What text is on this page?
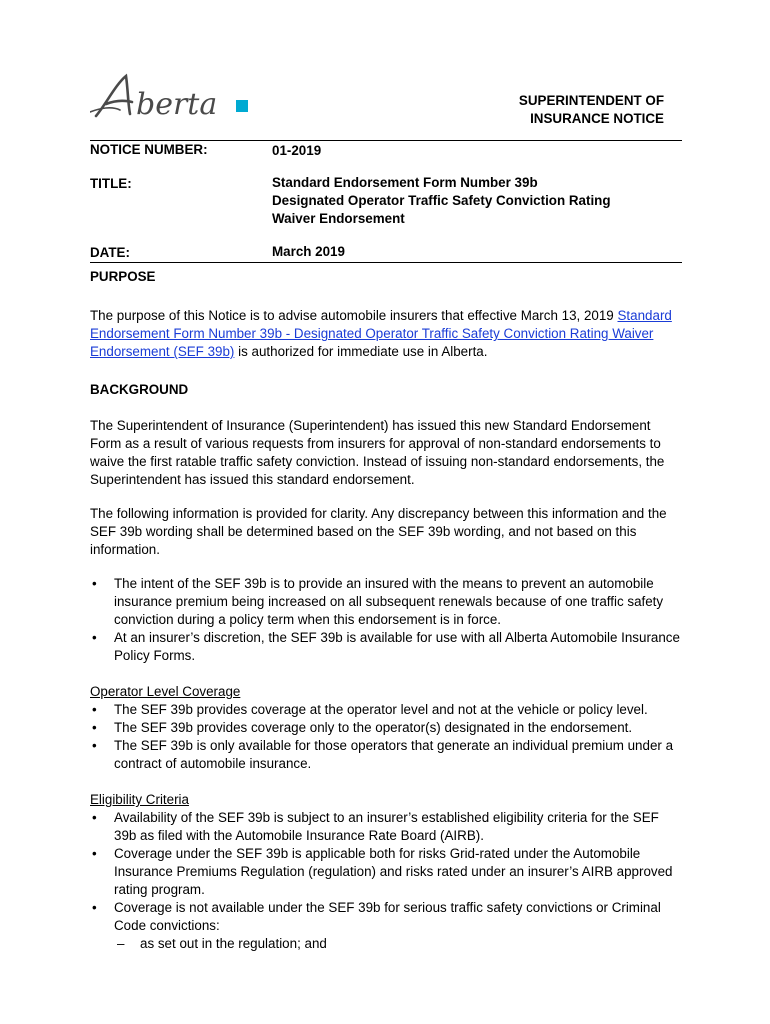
berta	SUPERINTENDENT OF
INSURANCE NOTICE
NOTICE NUMBER:	01-2019
TITLE:	Standard Endorsement Form Number 39b
Designated Operator Traffic Safety Conviction Rating
Waiver Endorsement
DATE:	March 2019
PURPOSE

The purpose of this Notice is to advise automobile insurers that effective March 13, 2019 Standard Endorsement Form Number 39b - Designated Operator Traffic Safety Conviction Rating Waiver Endorsement (SEF 39b) is authorized for immediate use in Alberta.

BACKGROUND

The Superintendent of Insurance (Superintendent) has issued this new Standard Endorsement Form as a result of various requests from insurers for approval of non-standard endorsements to waive the first ratable traffic safety conviction. Instead of issuing non-standard endorsements, the Superintendent has issued this standard endorsement.

The following information is provided for clarity. Any discrepancy between this information and the SEF 39b wording shall be determined based on the SEF 39b wording, and not based on this information.

• The intent of the SEF 39b is to provide an insured with the means to prevent an automobile insurance premium being increased on all subsequent renewals because of one traffic safety conviction during a policy term when this endorsement is in force.
• At an insurer’s discretion, the SEF 39b is available for use with all Alberta Automobile Insurance Policy Forms.

Operator Level Coverage

• The SEF 39b provides coverage at the operator level and not at the vehicle or policy level.
• The SEF 39b provides coverage only to the operator(s) designated in the endorsement.
• The SEF 39b is only available for those operators that generate an individual premium under a contract of automobile insurance.

Eligibility Criteria

• Availability of the SEF 39b is subject to an insurer’s established eligibility criteria for the SEF 39b as filed with the Automobile Insurance Rate Board (AIRB).
• Coverage under the SEF 39b is applicable both for risks Grid-rated under the Automobile Insurance Premiums Regulation (regulation) and risks rated under an insurer’s AIRB approved rating program.
• Coverage is not available under the SEF 39b for serious traffic safety convictions or Criminal Code convictions:
– as set out in the regulation; and
